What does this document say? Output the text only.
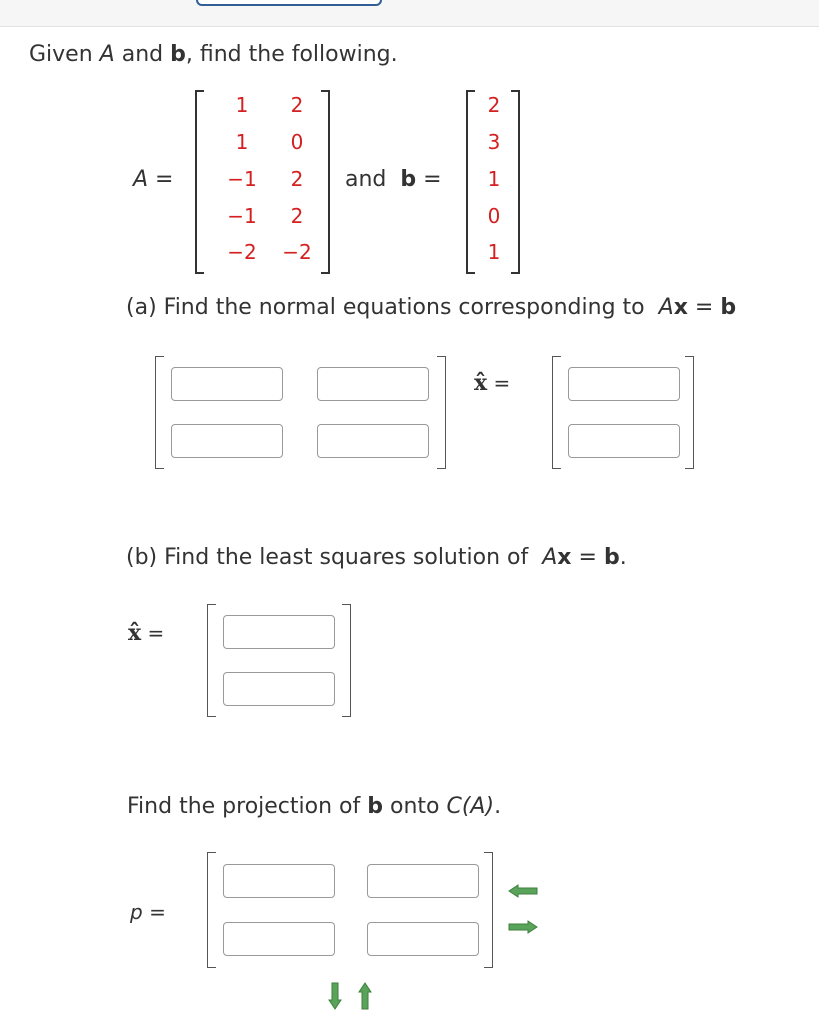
Given A and b, find the following.
A =
1	2
1	0
−1	2
−1	2
−2 −2
and b =
2
3
1
0
1
(a) Find the normal equations corresponding to Ax = b
x̂ =
(b) Find the least squares solution of Ax = b.
x̂ =
Find the projection of b onto C(A).
p =
